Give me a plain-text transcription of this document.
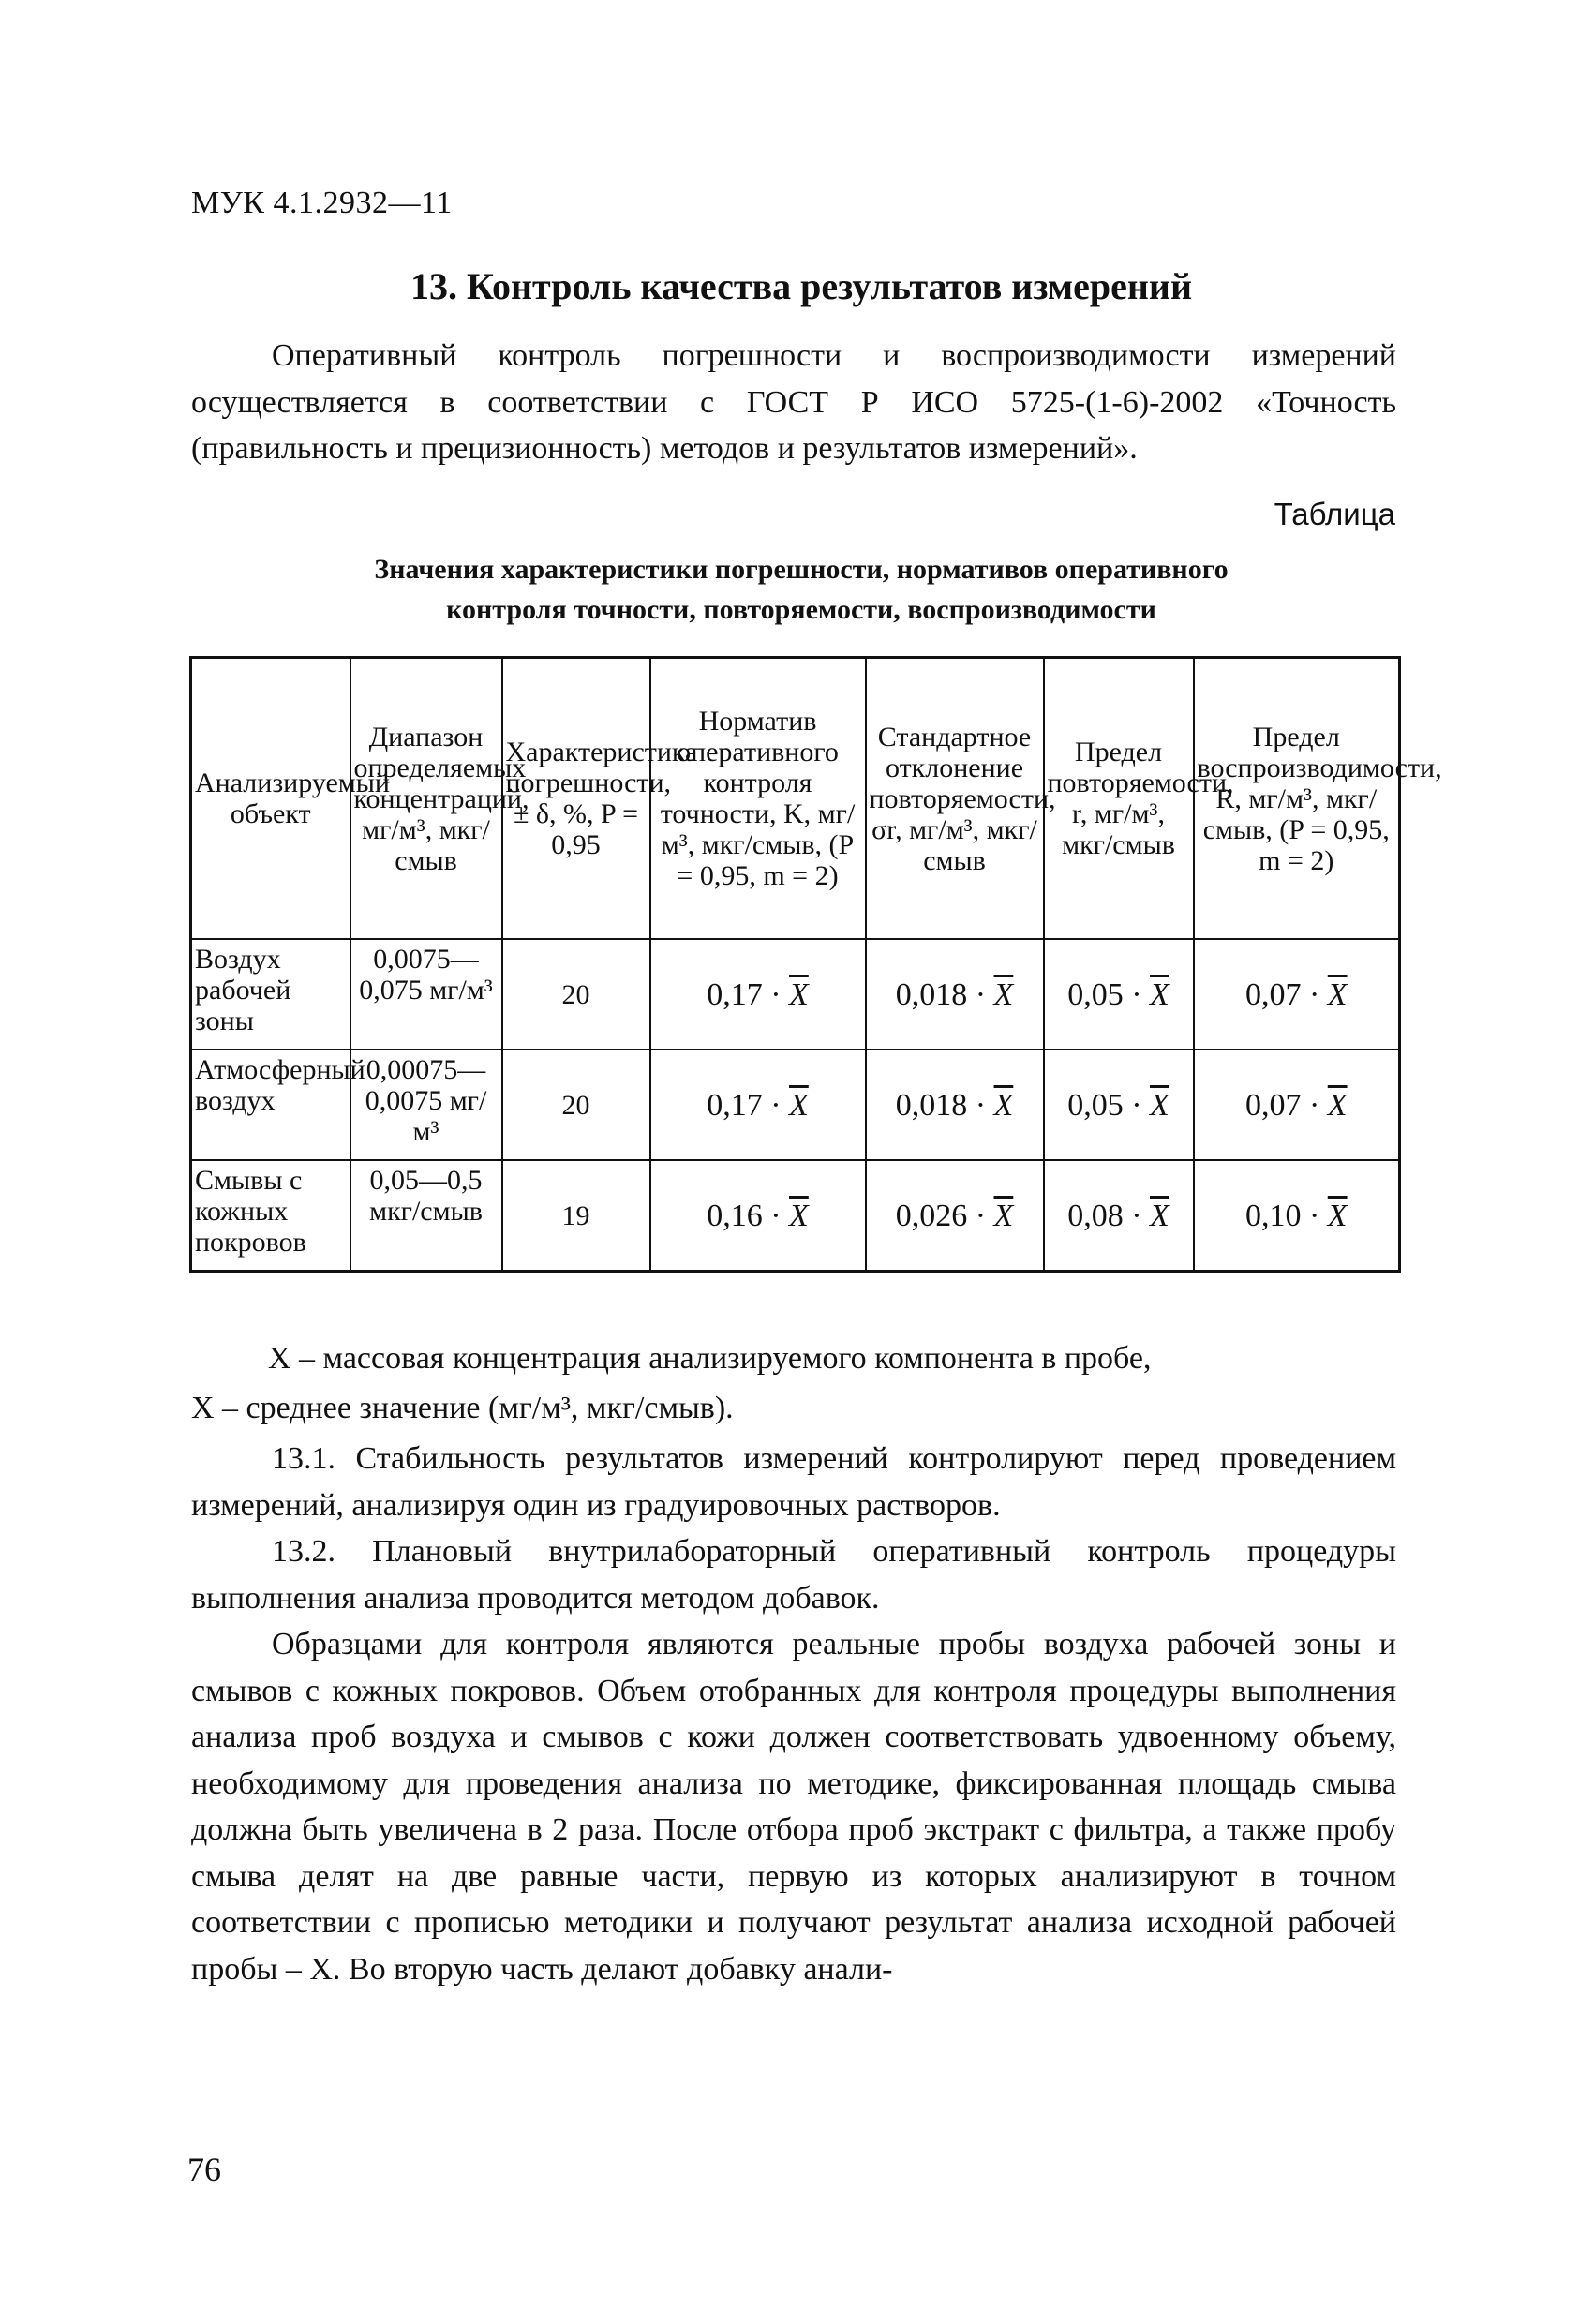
МУК 4.1.2932—11
13. Контроль качества результатов измерений

Оперативный контроль погрешности и воспроизводимости измерений осуществляется в соответствии с ГОСТ Р ИСО 5725-(1-6)-2002 «Точность (правильность и прецизионность) методов и результатов измерений».

Таблица
Значения характеристики погрешности, нормативов оперативного
контроля точности, повторяемости, воспроизводимости
Анализируемый объект	Диапазон определяемых концентраций, мг/м³, мкг/смыв	Характеристика погрешности, ± δ, %, P = 0,95	Норматив оперативного контроля точности, K, мг/м³, мкг/смыв, (P = 0,95, m = 2)	Стандартное отклонение повторяемости, σr, мг/м³, мкг/смыв	Предел повторяемости, r, мг/м³, мкг/смыв	Предел воспроизводимости, R, мг/м³, мкг/смыв, (P = 0,95, m = 2)
Воздух рабочей зоны	0,0075—0,075 мг/м³	20	$0,17 \cdot \overline{X}$	$0,018 \cdot \overline{X}$	$0,05 \cdot \overline{X}$	$0,07 \cdot \overline{X}$
Атмосферный воздух	0,00075—0,0075 мг/м³	20	$0,17 \cdot \overline{X}$	$0,018 \cdot \overline{X}$	$0,05 \cdot \overline{X}$	$0,07 \cdot \overline{X}$
Смывы с кожных покровов	0,05—0,5 мкг/смыв	19	$0,16 \cdot \overline{X}$	$0,026 \cdot \overline{X}$	$0,08 \cdot \overline{X}$	$0,10 \cdot \overline{X}$

X – массовая концентрация анализируемого компонента в пробе,

X – среднее значение (мг/м³, мкг/смыв).

13.1. Стабильность результатов измерений контролируют перед проведением измерений, анализируя один из градуировочных растворов.

13.2. Плановый внутрилабораторный оперативный контроль процедуры выполнения анализа проводится методом добавок.

Образцами для контроля являются реальные пробы воздуха рабочей зоны и смывов с кожных покровов. Объем отобранных для контроля процедуры выполнения анализа проб воздуха и смывов с кожи должен соответствовать удвоенному объему, необходимому для проведения анализа по методике, фиксированная площадь смыва должна быть увеличена в 2 раза. После отбора проб экстракт с фильтра, а также пробу смыва делят на две равные части, первую из которых анализируют в точном соответствии с прописью методики и получают результат анализа исходной рабочей пробы – X. Во вторую часть делают добавку анали-

76
